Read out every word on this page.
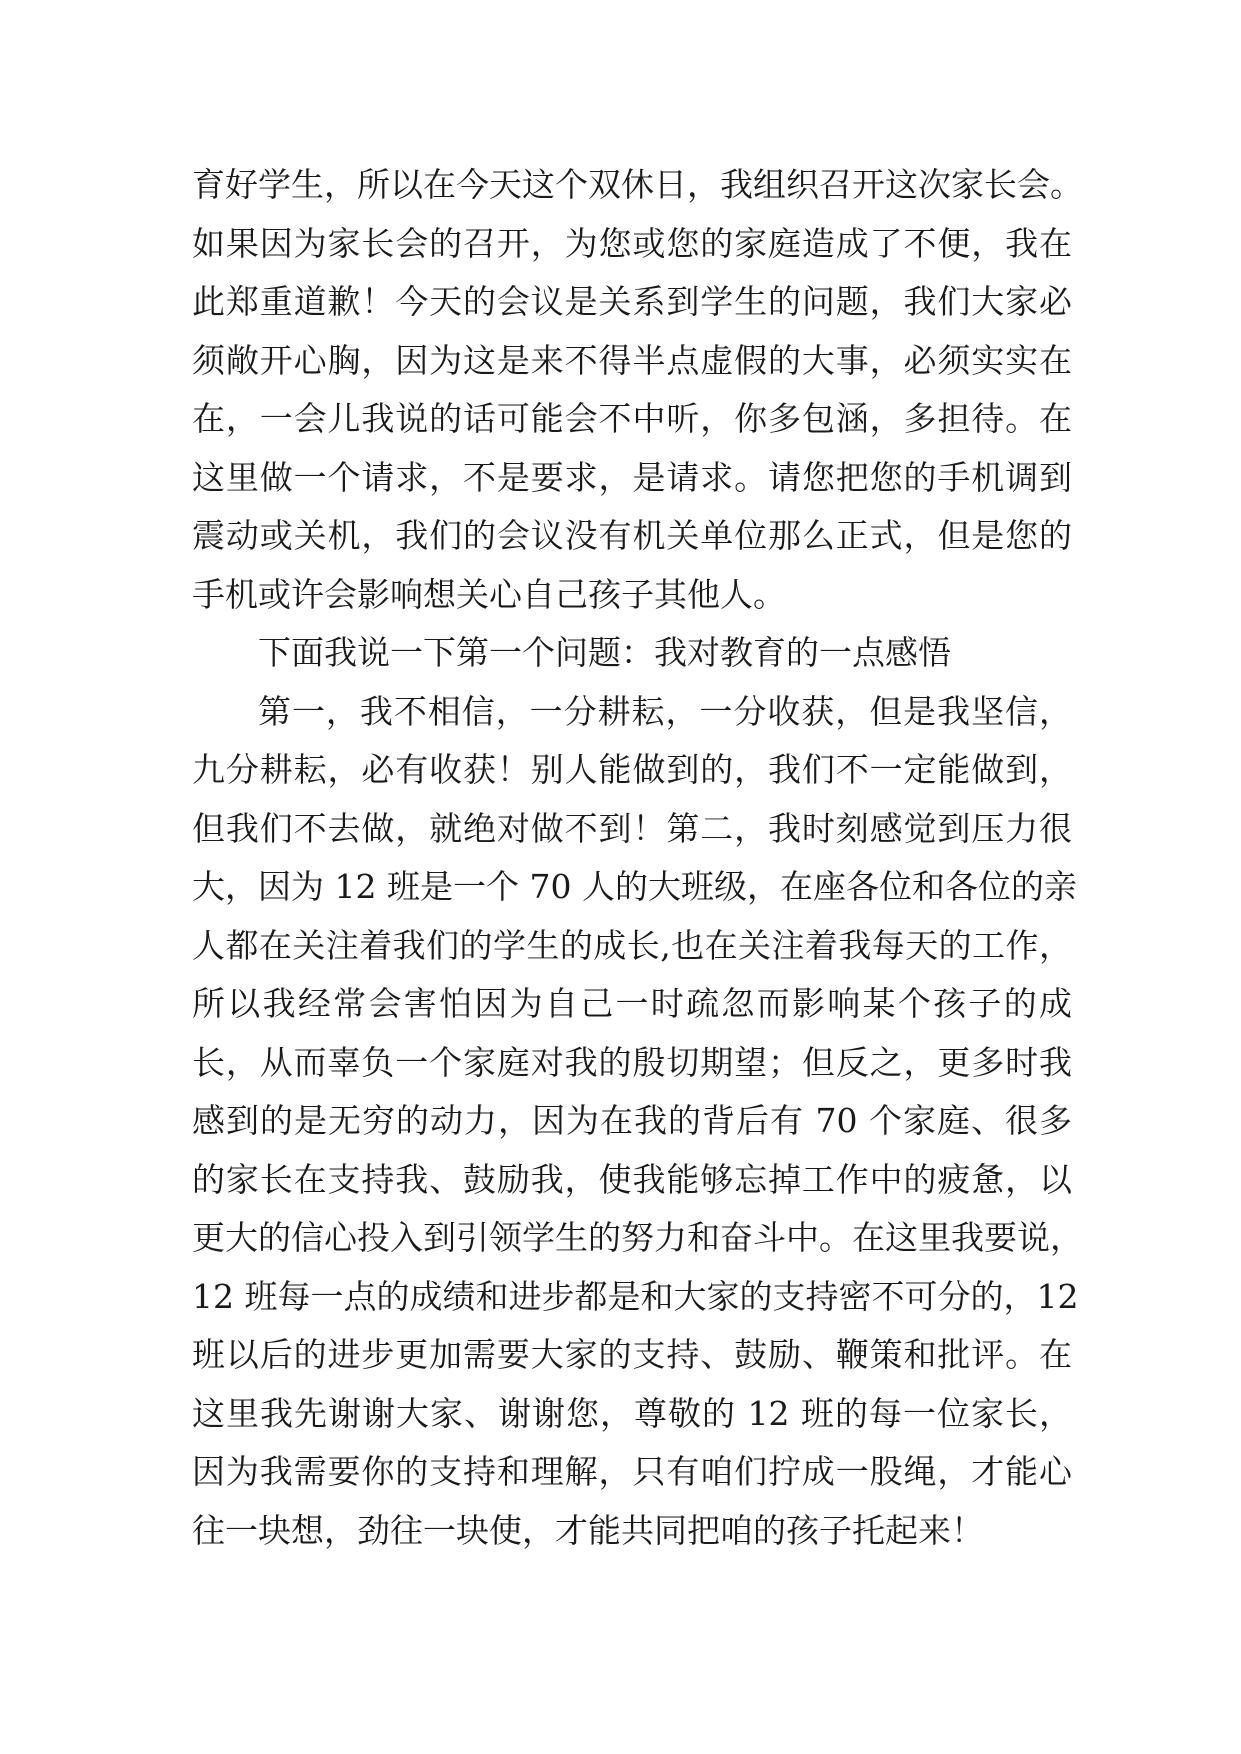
育好学生，所以在今天这个双休日，我组织召开这次家长会。
如果因为家长会的召开，为您或您的家庭造成了不便，我在
此郑重道歉！今天的会议是关系到学生的问题，我们大家必
须敞开心胸，因为这是来不得半点虚假的大事，必须实实在
在，一会儿我说的话可能会不中听，你多包涵，多担待。在
这里做一个请求，不是要求，是请求。请您把您的手机调到
震动或关机，我们的会议没有机关单位那么正式，但是您的
手机或许会影响想关心自己孩子其他人。
下面我说一下第一个问题：我对教育的一点感悟
第一，我不相信，一分耕耘，一分收获，但是我坚信，
九分耕耘，必有收获！别人能做到的，我们不一定能做到，
但我们不去做，就绝对做不到！第二，我时刻感觉到压力很
大，因为 12 班是一个 70 人的大班级，在座各位和各位的亲
人都在关注着我们的学生的成长,也在关注着我每天的工作，
所以我经常会害怕因为自己一时疏忽而影响某个孩子的成
长，从而辜负一个家庭对我的殷切期望；但反之，更多时我
感到的是无穷的动力，因为在我的背后有 70 个家庭、很多
的家长在支持我、鼓励我，使我能够忘掉工作中的疲惫，以
更大的信心投入到引领学生的努力和奋斗中。在这里我要说，
12 班每一点的成绩和进步都是和大家的支持密不可分的，12
班以后的进步更加需要大家的支持、鼓励、鞭策和批评。在
这里我先谢谢大家、谢谢您，尊敬的 12 班的每一位家长，
因为我需要你的支持和理解，只有咱们拧成一股绳，才能心
往一块想，劲往一块使，才能共同把咱的孩子托起来！
